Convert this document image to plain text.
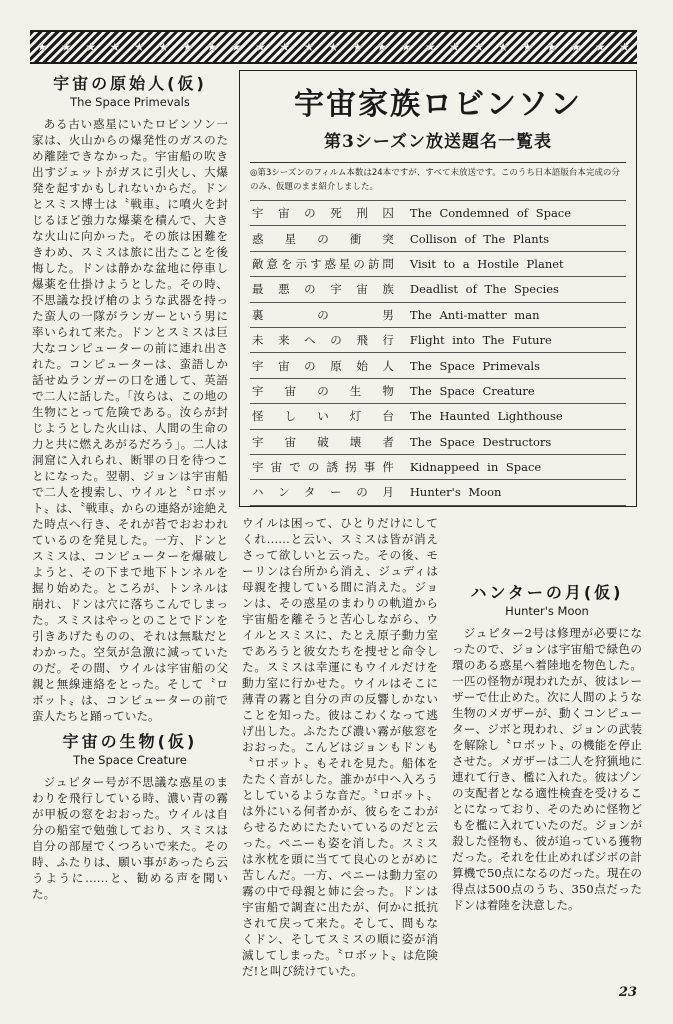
★ ★ ★ ★ ★ ★ ★ ★ ★ ★ ★ ★ ★ ★ ★ ★ ★ ★ ★ ★ ★ ★ ★ ★ ★
宇宙の原始人(仮)
The Space Primevals

ある古い惑星にいたロビンソン一家は、火山からの爆発性のガスのため離陸できなかった。宇宙船の吹き出すジェットがガスに引火し、大爆発を起すかもしれないからだ。ドンとスミス博士は〝戦車〟に噴火を封じるほど強力な爆薬を積んで、大きな火山に向かった。その旅は困難をきわめ、スミスは旅に出たことを後悔した。ドンは静かな盆地に停車し爆薬を仕掛けようとした。その時、不思議な投げ槍のような武器を持った蛮人の一隊がランガーという男に率いられて来た。ドンとスミスは巨大なコンピューターの前に連れ出された。コンピューターは、蛮語しか話せぬランガーの口を通して、英語で二人に話した。「汝らは、この地の生物にとって危険である。汝らが封じようとした火山は、人間の生命の力と共に燃えあがるだろう」。二人は洞窟に入れられ、断罪の日を待つことになった。翌朝、ジョンは宇宙船で二人を捜索し、ウイルと〝ロボット〟は、〝戦車〟からの連絡が途絶えた時点へ行き、それが苔でおおわれているのを発見した。一方、ドンとスミスは、コンピューターを爆破しようと、その下まで地下トンネルを掘り始めた。ところが、トンネルは崩れ、ドンは穴に落ちこんでしまった。スミスはやっとのことでドンを引きあげたものの、それは無駄だとわかった。空気が急激に減っていたのだ。その間、ウイルは宇宙船の父親と無線連絡をとった。そして〝ロボット〟は、コンピューターの前で蛮人たちと踊っていた。

宇宙の生物(仮)
The Space Creature

ジュピター号が不思議な惑星のまわりを飛行している時、濃い青の霧が甲板の窓をおおった。ウイルは自分の船室で勉強しており、スミスは自分の部屋でくつろいで来た。その時、ふたりは、願い事があったら云うように……と、勧める声を聞いた。

宇宙家族ロビンソン
第3シーズン放送題名一覧表
◎第3シーズンのフィルム本数は24本ですが、すべて未放送です。このうち日本語版台本完成の分のみ、仮題のまま紹介しました。
宇宙の死刑囚	The Condemned of Space
惑星の衝突	Collison of The Plants
敵意を示す惑星の訪問	Visit to a Hostile Planet
最悪の宇宙族	Deadlist of The Species
裏の男	The Anti-matter man
未来への飛行	Flight into The Future
宇宙の原始人	The Space Primevals
宇宙の生物	The Space Creature
怪しい灯台	The Haunted Lighthouse
宇宙破壊者	The Space Destructors
宇宙での誘拐事件	Kidnappeed in Space
ハンターの月	Hunter's Moon

ウイルは困って、ひとりだけにしてくれ……と云い、スミスは皆が消えさって欲しいと云った。その後、モーリンは台所から消え、ジュディは母親を捜している間に消えた。ジョンは、その惑星のまわりの軌道から宇宙船を離そうと苦心しながら、ウイルとスミスに、たとえ原子動力室であろうと彼女たちを捜せと命令した。スミスは幸運にもウイルだけを動力室に行かせた。ウイルはそこに薄青の霧と自分の声の反響しかないことを知った。彼はこわくなって逃げ出した。ふたたび濃い霧が舷窓をおおった。こんどはジョンもドンも〝ロボット〟もそれを見た。船体をたたく音がした。誰かが中へ入ろうとしているような音だ。〝ロボット〟は外にいる何者かが、彼らをこわがらせるためにたたいているのだと云った。ペニーも姿を消した。スミスは氷枕を頭に当てて良心のとがめに苦しんだ。一方、ペニーは動力室の霧の中で母親と姉に会った。ドンは宇宙船で調査に出たが、何かに抵抗されて戻って来た。そして、間もなくドン、そしてスミスの順に姿が消滅してしまった。〝ロボット〟は危険だ!と叫び続けていた。

ハンターの月(仮)
Hunter's Moon

ジュピター2号は修理が必要になったので、ジョンは宇宙船で緑色の環のある惑星へ着陸地を物色した。一匹の怪物が現われたが、彼はレーザーで仕止めた。次に人間のような生物のメガザーが、動くコンピューター、ジボと現われ、ジョンの武装を解除し〝ロボット〟の機能を停止させた。メガザーは二人を狩猟地に連れて行き、檻に入れた。彼はゾンの支配者となる適性検査を受けることになっており、そのために怪物どもを檻に入れていたのだ。ジョンが殺した怪物も、彼が追っている獲物だった。それを仕止めればジボの計算機で50点になるのだった。現在の得点は500点のうち、350点だったドンは着陸を決意した。

23
